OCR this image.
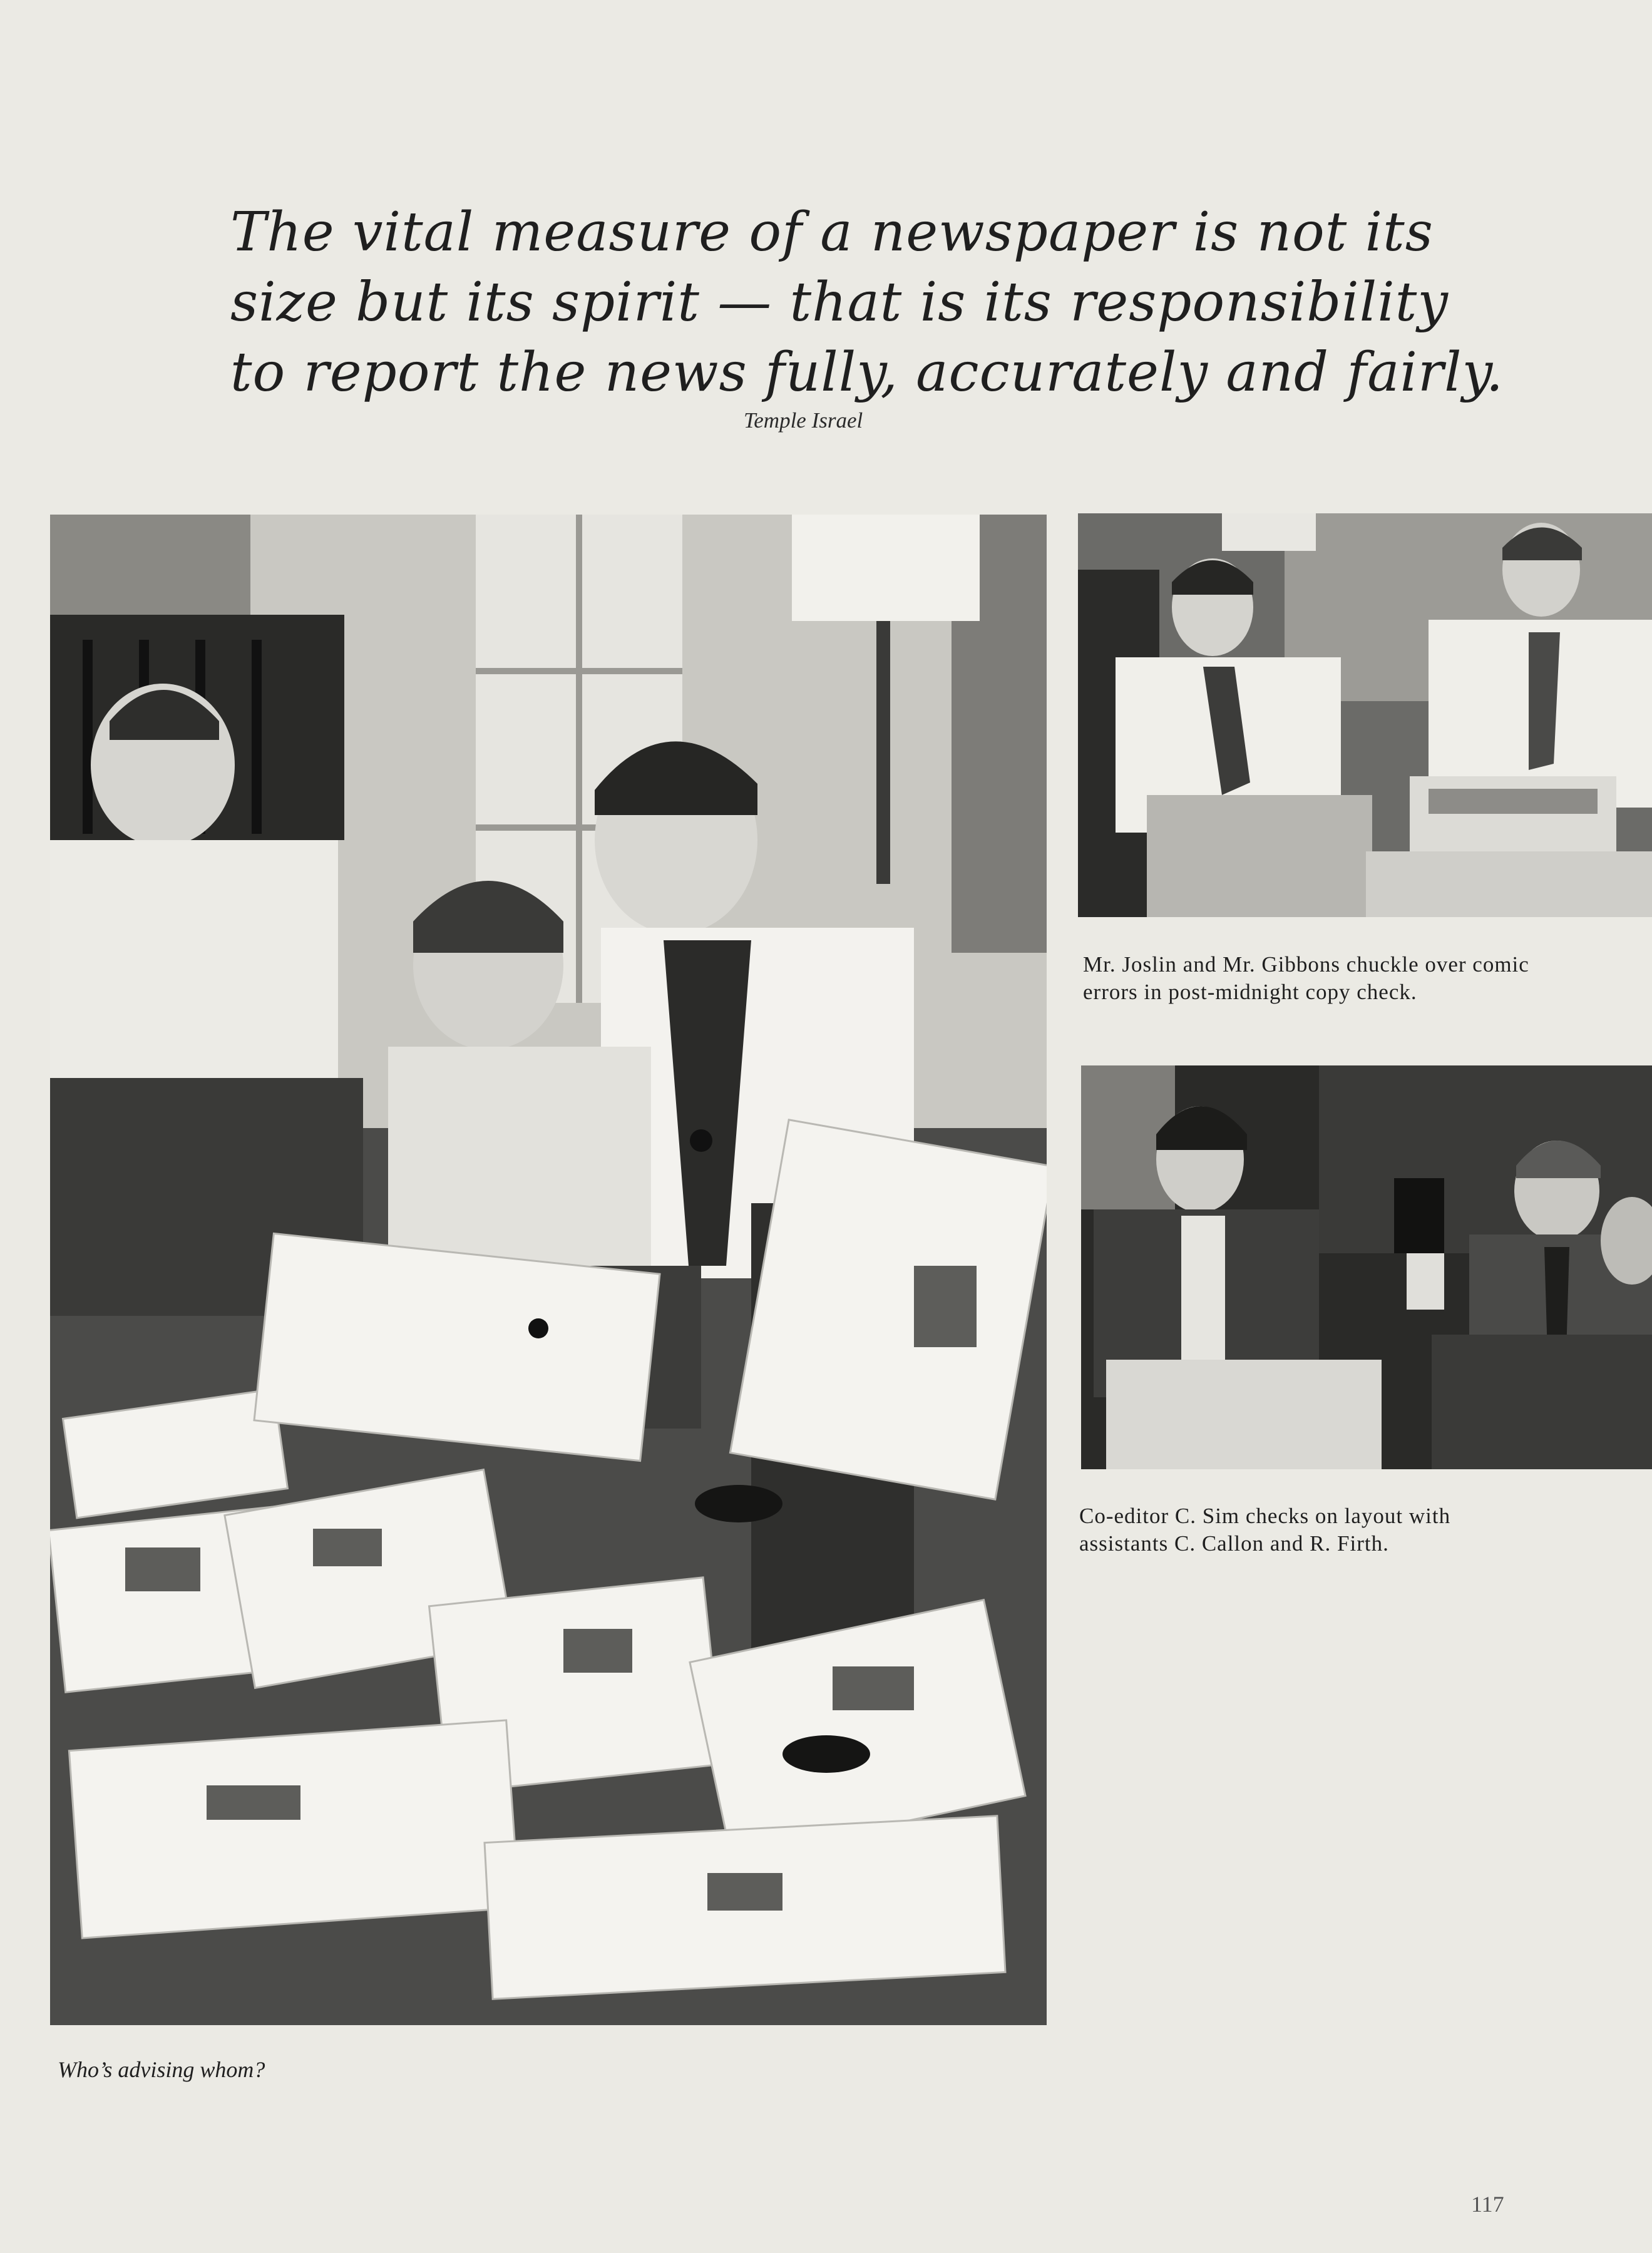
The vital measure of a newspaper is not its
size but its spirit — that is its responsibility
to report the news fully, accurately and fairly.
Temple Israel
Mr. Joslin and Mr. Gibbons chuckle over comic errors in post-midnight copy check.
Co-editor C. Sim checks on layout with assistants C. Callon and R. Firth.
Who’s advising whom?
117
